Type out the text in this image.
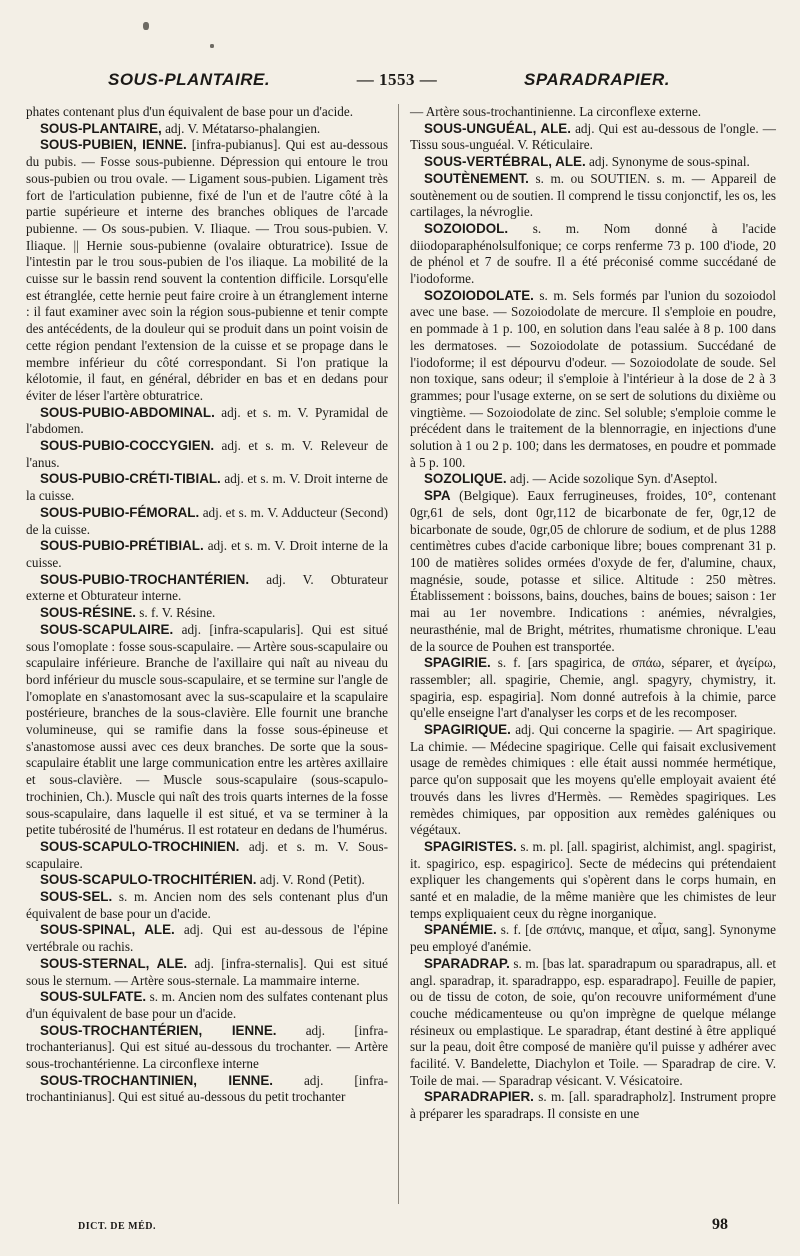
SOUS-PLANTAIRE.	— 1553 —	SPARADRAPIER.

phates contenant plus d'un équivalent de base pour un d'acide.

SOUS-PLANTAIRE, adj. V. Métatarso-phalangien.

SOUS-PUBIEN, IENNE. [infra-pubianus]. Qui est au-dessous du pubis. — Fosse sous-pubienne. Dépression qui entoure le trou sous-pubien ou trou ovale. — Ligament sous-pubien. Ligament très fort de l'articulation pubienne, fixé de l'un et de l'autre côté à la partie supérieure et interne des branches obliques de l'arcade pubienne. — Os sous-pubien. V. Iliaque. — Trou sous-pubien. V. Iliaque. || Hernie sous-pubienne (ovalaire obturatrice). Issue de l'intestin par le trou sous-pubien de l'os iliaque. La mobilité de la cuisse sur le bassin rend souvent la contention difficile. Lorsqu'elle est étranglée, cette hernie peut faire croire à un étranglement interne : il faut examiner avec soin la région sous-pubienne et tenir compte des antécédents, de la douleur qui se produit dans un point voisin de cette région pendant l'extension de la cuisse et se propage dans le membre inférieur du côté correspondant. Si l'on pratique la kélotomie, il faut, en général, débrider en bas et en dedans pour éviter de léser l'artère obturatrice.

SOUS-PUBIO-ABDOMINAL. adj. et s. m. V. Pyramidal de l'abdomen.

SOUS-PUBIO-COCCYGIEN. adj. et s. m. V. Releveur de l'anus.

SOUS-PUBIO-CRÉTI-TIBIAL. adj. et s. m. V. Droit interne de la cuisse.

SOUS-PUBIO-FÉMORAL. adj. et s. m. V. Adducteur (Second) de la cuisse.

SOUS-PUBIO-PRÉTIBIAL. adj. et s. m. V. Droit interne de la cuisse.

SOUS-PUBIO-TROCHANTÉRIEN. adj. V. Obturateur externe et Obturateur interne.

SOUS-RÉSINE. s. f. V. Résine.

SOUS-SCAPULAIRE. adj. [infra-scapularis]. Qui est situé sous l'omoplate : fosse sous-scapulaire. — Artère sous-scapulaire ou scapulaire inférieure. Branche de l'axillaire qui naît au niveau du bord inférieur du muscle sous-scapulaire, et se termine sur l'angle de l'omoplate en s'anastomosant avec la sus-scapulaire et la scapulaire postérieure, branches de la sous-clavière. Elle fournit une branche volumineuse, qui se ramifie dans la fosse sous-épineuse et s'anastomose aussi avec ces deux branches. De sorte que la sous-scapulaire établit une large communication entre les artères axillaire et sous-clavière. — Muscle sous-scapulaire (sous-scapulo-trochinien, Ch.). Muscle qui naît des trois quarts internes de la fosse sous-scapulaire, dans laquelle il est situé, et va se terminer à la petite tubérosité de l'humérus. Il est rotateur en dedans de l'humérus.

SOUS-SCAPULO-TROCHINIEN. adj. et s. m. V. Sous-scapulaire.

SOUS-SCAPULO-TROCHITÉRIEN. adj. V. Rond (Petit).

SOUS-SEL. s. m. Ancien nom des sels contenant plus d'un équivalent de base pour un d'acide.

SOUS-SPINAL, ALE. adj. Qui est au-dessous de l'épine vertébrale ou rachis.

SOUS-STERNAL, ALE. adj. [infra-sternalis]. Qui est situé sous le sternum. — Artère sous-sternale. La mammaire interne.

SOUS-SULFATE. s. m. Ancien nom des sulfates contenant plus d'un équivalent de base pour un d'acide.

SOUS-TROCHANTÉRIEN, IENNE. adj. [infra-trochanterianus]. Qui est situé au-dessous du trochanter. — Artère sous-trochantérienne. La circonflexe interne

SOUS-TROCHANTINIEN, IENNE. adj. [infra-trochantinianus]. Qui est situé au-dessous du petit trochanter

— Artère sous-trochantinienne. La circonflexe externe.

SOUS-UNGUÉAL, ALE. adj. Qui est au-dessous de l'ongle. — Tissu sous-unguéal. V. Réticulaire.

SOUS-VERTÉBRAL, ALE. adj. Synonyme de sous-spinal.

SOUTÈNEMENT. s. m. ou SOUTIEN. s. m. — Appareil de soutènement ou de soutien. Il comprend le tissu conjonctif, les os, les cartilages, la névroglie.

SOZOIODOL. s. m. Nom donné à l'acide diiodoparaphénolsulfonique; ce corps renferme 73 p. 100 d'iode, 20 de phénol et 7 de soufre. Il a été préconisé comme succédané de l'iodoforme.

SOZOIODOLATE. s. m. Sels formés par l'union du sozoiodol avec une base. — Sozoiodolate de mercure. Il s'emploie en poudre, en pommade à 1 p. 100, en solution dans l'eau salée à 8 p. 100 dans les dermatoses. — Sozoiodolate de potassium. Succédané de l'iodoforme; il est dépourvu d'odeur. — Sozoiodolate de soude. Sel non toxique, sans odeur; il s'emploie à l'intérieur à la dose de 2 à 3 grammes; pour l'usage externe, on se sert de solutions du dixième ou vingtième. — Sozoiodolate de zinc. Sel soluble; s'emploie comme le précédent dans le traitement de la blennorragie, en injections d'une solution à 1 ou 2 p. 100; dans les dermatoses, en poudre et pommade à 5 p. 100.

SOZOLIQUE. adj. — Acide sozolique Syn. d'Aseptol.

SPA (Belgique). Eaux ferrugineuses, froides, 10°, contenant 0gr,61 de sels, dont 0gr,112 de bicarbonate de fer, 0gr,12 de bicarbonate de soude, 0gr,05 de chlorure de sodium, et de plus 1288 centimètres cubes d'acide carbonique libre; boues comprenant 31 p. 100 de matières solides ormées d'oxyde de fer, d'alumine, chaux, magnésie, soude, potasse et silice. Altitude : 250 mètres. Établissement : boissons, bains, douches, bains de boues; saison : 1er mai au 1er novembre. Indications : anémies, névralgies, neurasthénie, mal de Bright, métrites, rhumatisme chronique. L'eau de la source de Pouhen est transportée.

SPAGIRIE. s. f. [ars spagirica, de σπάω, séparer, et ἀγείρω, rassembler; all. spagirie, Chemie, angl. spagyry, chymistry, it. spagiria, esp. espagiria]. Nom donné autrefois à la chimie, parce qu'elle enseigne l'art d'analyser les corps et de les recomposer.

SPAGIRIQUE. adj. Qui concerne la spagirie. — Art spagirique. La chimie. — Médecine spagirique. Celle qui faisait exclusivement usage de remèdes chimiques : elle était aussi nommée hermétique, parce qu'on supposait que les moyens qu'elle employait avaient été trouvés dans les livres d'Hermès. — Remèdes spagiriques. Les remèdes chimiques, par opposition aux remèdes galéniques ou végétaux.

SPAGIRISTES. s. m. pl. [all. spagirist, alchimist, angl. spagirist, it. spagirico, esp. espagirico]. Secte de médecins qui prétendaient expliquer les changements qui s'opèrent dans le corps humain, en santé et en maladie, de la même manière que les chimistes de leur temps expliquaient ceux du règne inorganique.

SPANÉMIE. s. f. [de σπάνις, manque, et αἷμα, sang]. Synonyme peu employé d'anémie.

SPARADRAP. s. m. [bas lat. sparadrapum ou sparadrapus, all. et angl. sparadrap, it. sparadrappo, esp. esparadrapo]. Feuille de papier, ou de tissu de coton, de soie, qu'on recouvre uniformément d'une couche médicamenteuse ou qu'on imprègne de quelque mélange résineux ou emplastique. Le sparadrap, étant destiné à être appliqué sur la peau, doit être composé de manière qu'il puisse y adhérer avec facilité. V. Bandelette, Diachylon et Toile. — Sparadrap de cire. V. Toile de mai. — Sparadrap vésicant. V. Vésicatoire.

SPARADRAPIER. s. m. [all. sparadrapholz]. Instrument propre à préparer les sparadraps. Il consiste en une

DICT. DE MÉD.	98
